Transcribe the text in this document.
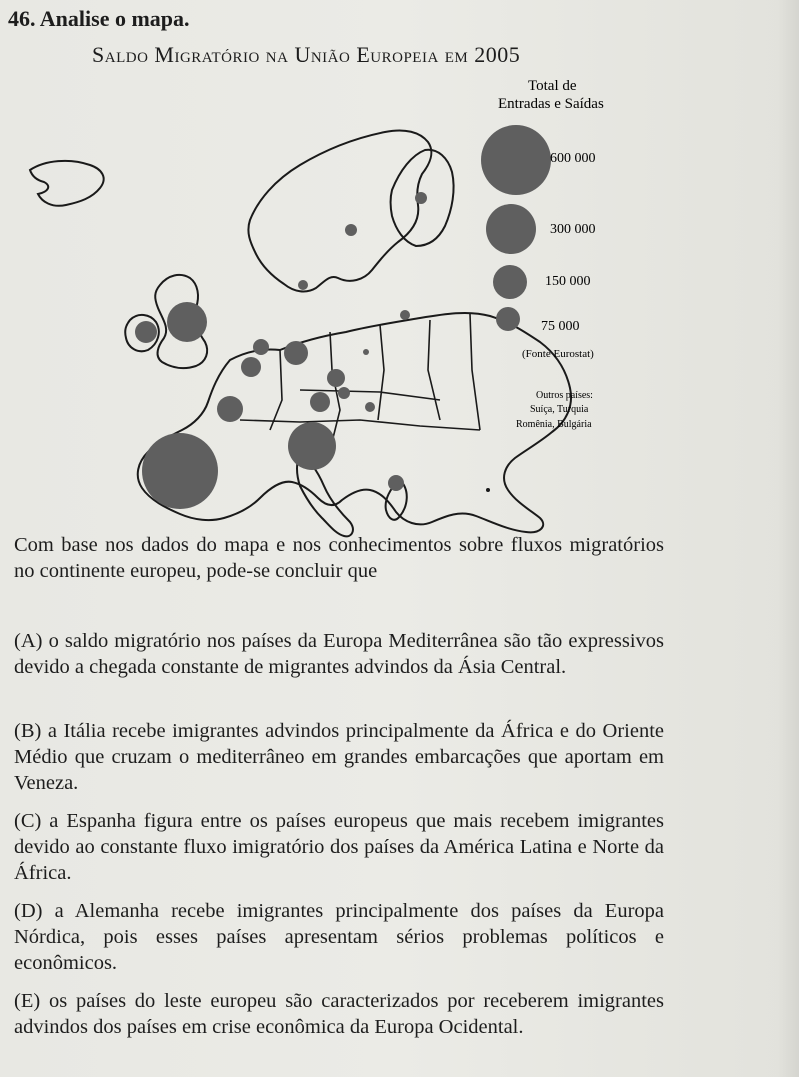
46. Analise o mapa.
Saldo Migratório na União Europeia em 2005
Total de
Entradas e Saídas
600 000
300 000
150 000
75 000
(Fonte Eurostat)
Outros países:
Suíça, Turquia
Romênia, Bulgária
Com base nos dados do mapa e nos conhecimentos sobre fluxos migratórios no continente europeu, pode-se concluir que
(A) o saldo migratório nos países da Europa Mediterrânea são tão expressivos devido a chegada constante de migrantes advindos da Ásia Central.
(B) a Itália recebe imigrantes advindos principalmente da África e do Oriente Médio que cruzam o mediterrâneo em grandes embarcações que aportam em Veneza.
(C) a Espanha figura entre os países europeus que mais recebem imigrantes devido ao constante fluxo imigratório dos países da América Latina e Norte da África.
(D) a Alemanha recebe imigrantes principalmente dos países da Europa Nórdica, pois esses países apresentam sérios problemas políticos e econômicos.
(E) os países do leste europeu são caracterizados por receberem imigrantes advindos dos países em crise econômica da Europa Ocidental.
